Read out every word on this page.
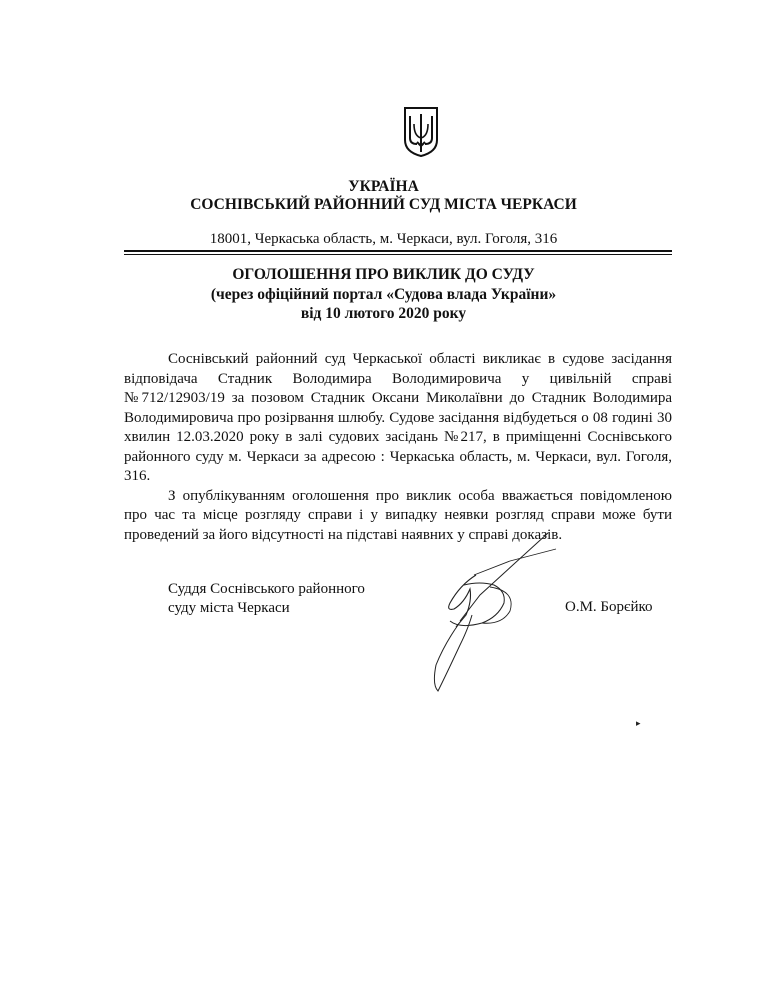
УКРАЇНА
СОСНІВСЬКИЙ РАЙОННИЙ СУД МІСТА ЧЕРКАСИ
18001, Черкаська область, м. Черкаси, вул. Гоголя, 316
ОГОЛОШЕННЯ ПРО ВИКЛИК ДО СУДУ
(через офіційний портал «Судова влада України»
від 10 лютого 2020 року

Соснівський районний суд Черкаської області викликає в судове засідання відповідача Стадник Володимира Володимировича у цивільній справі №712/12903/19 за позовом Стадник Оксани Миколаївни до Стадник Володимира Володимировича про розірвання шлюбу. Судове засідання відбудеться о 08 годині 30 хвилин 12.03.2020 року в залі судових засідань №217, в приміщенні Соснівського районного суду м. Черкаси за адресою : Черкаська область, м. Черкаси, вул. Гоголя, 316.

З опублікуванням оголошення про виклик особа вважається повідомленою про час та місце розгляду справи і у випадку неявки розгляд справи може бути проведений за його відсутності на підставі наявних у справі доказів.

Суддя Соснівського районного
суду міста Черкаси	О.М. Борєйко
▸
